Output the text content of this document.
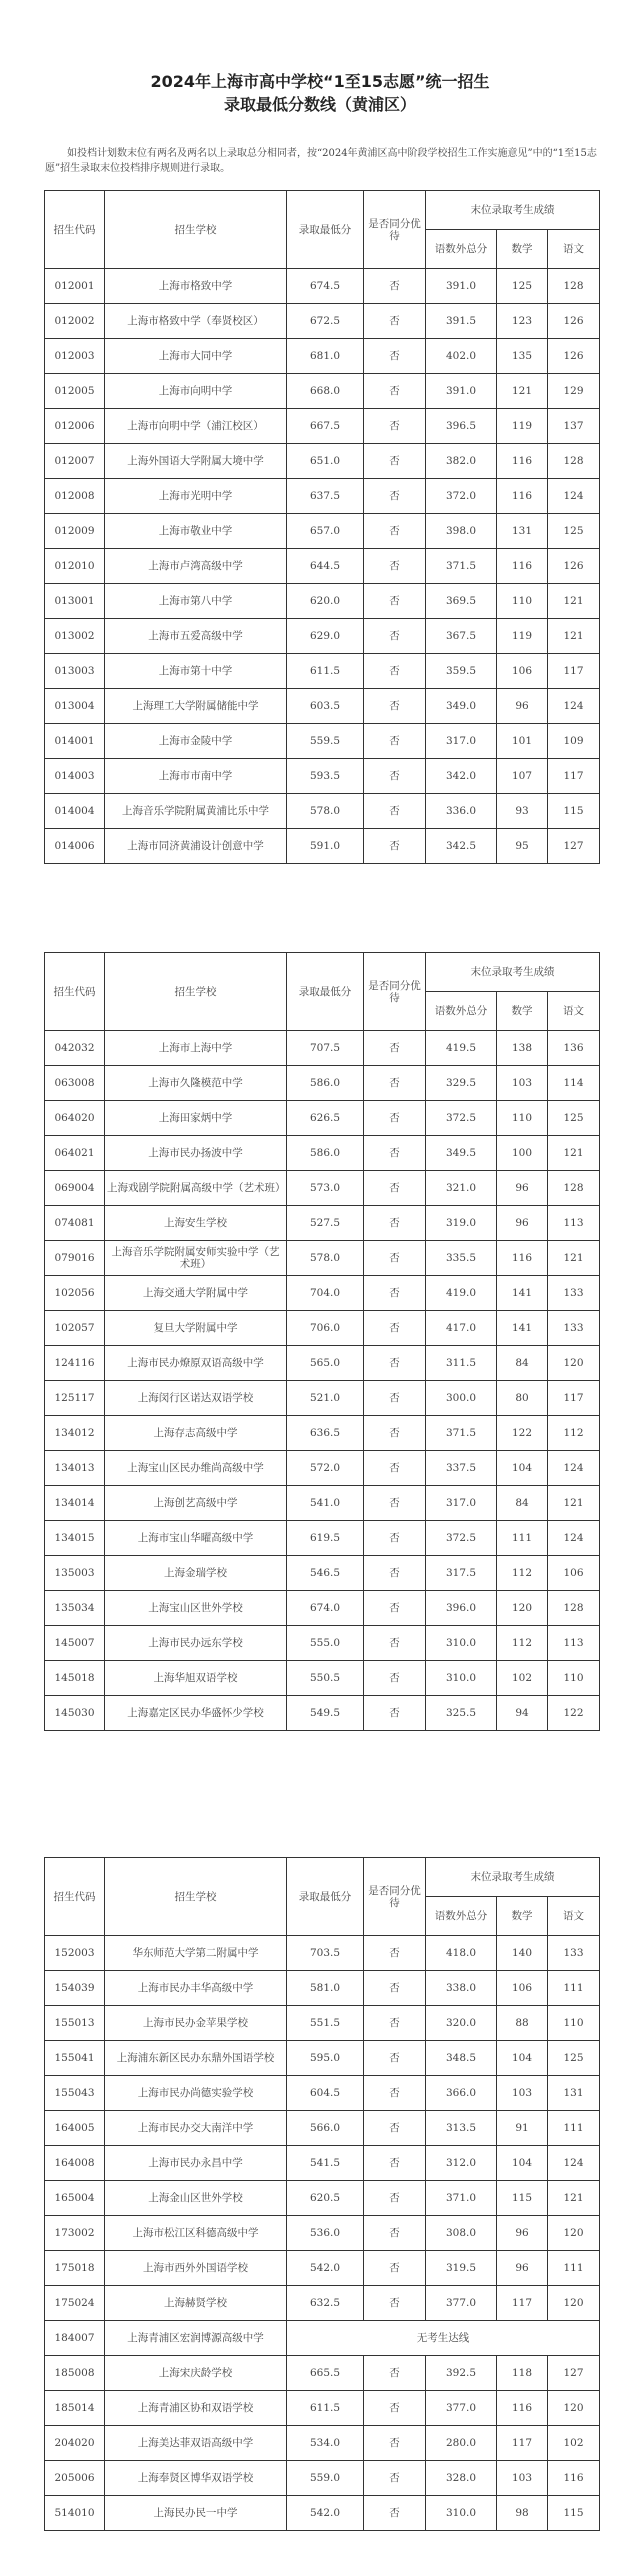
2024年上海市高中学校“1至15志愿”统一招生
录取最低分数线（黄浦区）
如投档计划数末位有两名及两名以上录取总分相同者，按“2024年黄浦区高中阶段学校招生工作实施意见”中的“1至15志愿”招生录取末位投档排序规则进行录取。
招生代码	招生学校	录取最低分	是否同分优待	末位录取考生成绩		
				语数外总分	数学	语文
012001	上海市格致中学	674.5	否	391.0	125	128
012002	上海市格致中学（奉贤校区）	672.5	否	391.5	123	126
012003	上海市大同中学	681.0	否	402.0	135	126
012005	上海市向明中学	668.0	否	391.0	121	129
012006	上海市向明中学（浦江校区）	667.5	否	396.5	119	137
012007	上海外国语大学附属大境中学	651.0	否	382.0	116	128
012008	上海市光明中学	637.5	否	372.0	116	124
012009	上海市敬业中学	657.0	否	398.0	131	125
012010	上海市卢湾高级中学	644.5	否	371.5	116	126
013001	上海市第八中学	620.0	否	369.5	110	121
013002	上海市五爱高级中学	629.0	否	367.5	119	121
013003	上海市第十中学	611.5	否	359.5	106	117
013004	上海理工大学附属储能中学	603.5	否	349.0	96	124
014001	上海市金陵中学	559.5	否	317.0	101	109
014003	上海市市南中学	593.5	否	342.0	107	117
014004	上海音乐学院附属黄浦比乐中学	578.0	否	336.0	93	115
014006	上海市同济黄浦设计创意中学	591.0	否	342.5	95	127
招生代码	招生学校	录取最低分	是否同分优待	末位录取考生成绩		
				语数外总分	数学	语文
042032	上海市上海中学	707.5	否	419.5	138	136
063008	上海市久隆模范中学	586.0	否	329.5	103	114
064020	上海田家炳中学	626.5	否	372.5	110	125
064021	上海市民办扬波中学	586.0	否	349.5	100	121
069004	上海戏剧学院附属高级中学（艺术班）	573.0	否	321.0	96	128
074081	上海安生学校	527.5	否	319.0	96	113
079016	上海音乐学院附属安师实验中学（艺术班）	578.0	否	335.5	116	121
102056	上海交通大学附属中学	704.0	否	419.0	141	133
102057	复旦大学附属中学	706.0	否	417.0	141	133
124116	上海市民办燎原双语高级中学	565.0	否	311.5	84	120
125117	上海闵行区诺达双语学校	521.0	否	300.0	80	117
134012	上海存志高级中学	636.5	否	371.5	122	112
134013	上海宝山区民办维尚高级中学	572.0	否	337.5	104	124
134014	上海创艺高级中学	541.0	否	317.0	84	121
134015	上海市宝山华曜高级中学	619.5	否	372.5	111	124
135003	上海金瑞学校	546.5	否	317.5	112	106
135034	上海宝山区世外学校	674.0	否	396.0	120	128
145007	上海市民办远东学校	555.0	否	310.0	112	113
145018	上海华旭双语学校	550.5	否	310.0	102	110
145030	上海嘉定区民办华盛怀少学校	549.5	否	325.5	94	122
招生代码	招生学校	录取最低分	是否同分优待	末位录取考生成绩		
				语数外总分	数学	语文
152003	华东师范大学第二附属中学	703.5	否	418.0	140	133
154039	上海市民办丰华高级中学	581.0	否	338.0	106	111
155013	上海市民办金苹果学校	551.5	否	320.0	88	110
155041	上海浦东新区民办东鼎外国语学校	595.0	否	348.5	104	125
155043	上海市民办尚德实验学校	604.5	否	366.0	103	131
164005	上海市民办交大南洋中学	566.0	否	313.5	91	111
164008	上海市民办永昌中学	541.5	否	312.0	104	124
165004	上海金山区世外学校	620.5	否	371.0	115	121
173002	上海市松江区科德高级中学	536.0	否	308.0	96	120
175018	上海市西外外国语学校	542.0	否	319.5	96	111
175024	上海赫贤学校	632.5	否	377.0	117	120
184007	上海青浦区宏润博源高级中学	无考生达线				
185008	上海宋庆龄学校	665.5	否	392.5	118	127
185014	上海青浦区协和双语学校	611.5	否	377.0	116	120
204020	上海美达菲双语高级中学	534.0	否	280.0	117	102
205006	上海奉贤区博华双语学校	559.0	否	328.0	103	116
514010	上海民办民一中学	542.0	否	310.0	98	115
